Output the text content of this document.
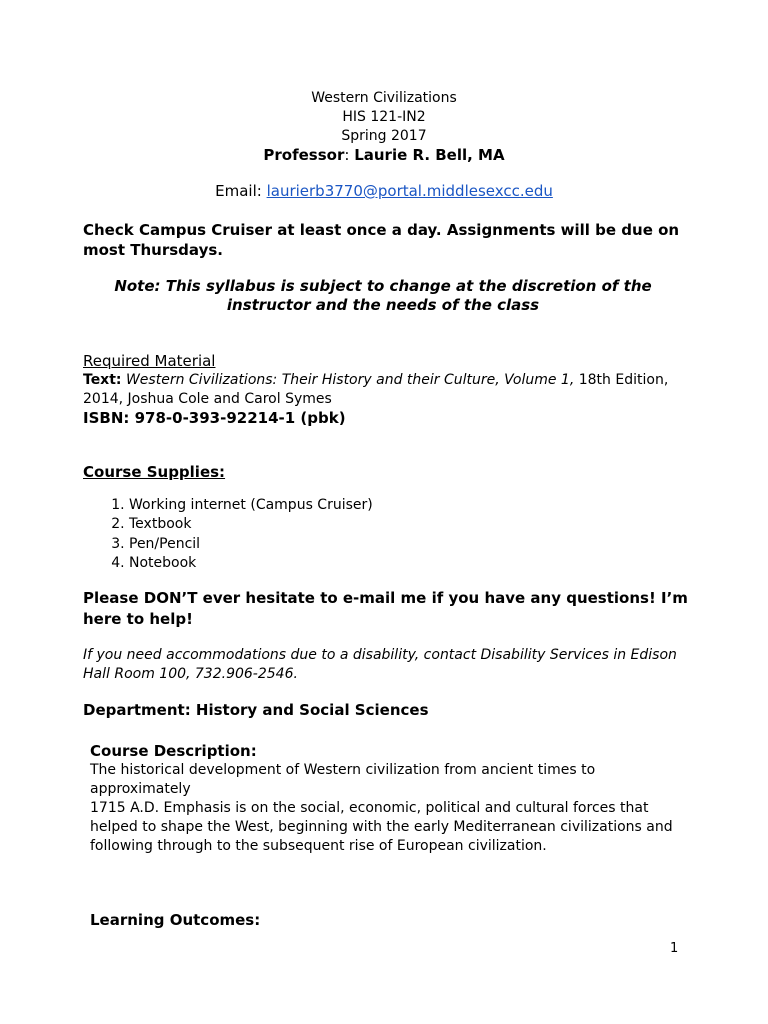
Western Civilizations
HIS 121-IN2
Spring 2017
Professor: Laurie R. Bell, MA
Email: laurierb3770@portal.middlesexcc.edu
Check Campus Cruiser at least once a day. Assignments will be due on most Thursdays.
Note: This syllabus is subject to change at the discretion of the instructor and the needs of the class
Required Material
Text: Western Civilizations: Their History and their Culture, Volume 1, 18th Edition, 2014, Joshua Cole and Carol Symes
ISBN: 978-0-393-92214-1 (pbk)
Course Supplies:
1. Working internet (Campus Cruiser)
2. Textbook
3. Pen/Pencil
4. Notebook
Please DON’T ever hesitate to e-mail me if you have any questions! I’m here to help!
If you need accommodations due to a disability, contact Disability Services in Edison Hall Room 100, 732.906-2546.
Department: History and Social Sciences
Course Description:
The historical development of Western civilization from ancient times to approximately
1715 A.D. Emphasis is on the social, economic, political and cultural forces that helped to shape the West, beginning with the early Mediterranean civilizations and following through to the subsequent rise of European civilization.
Learning Outcomes:
1
